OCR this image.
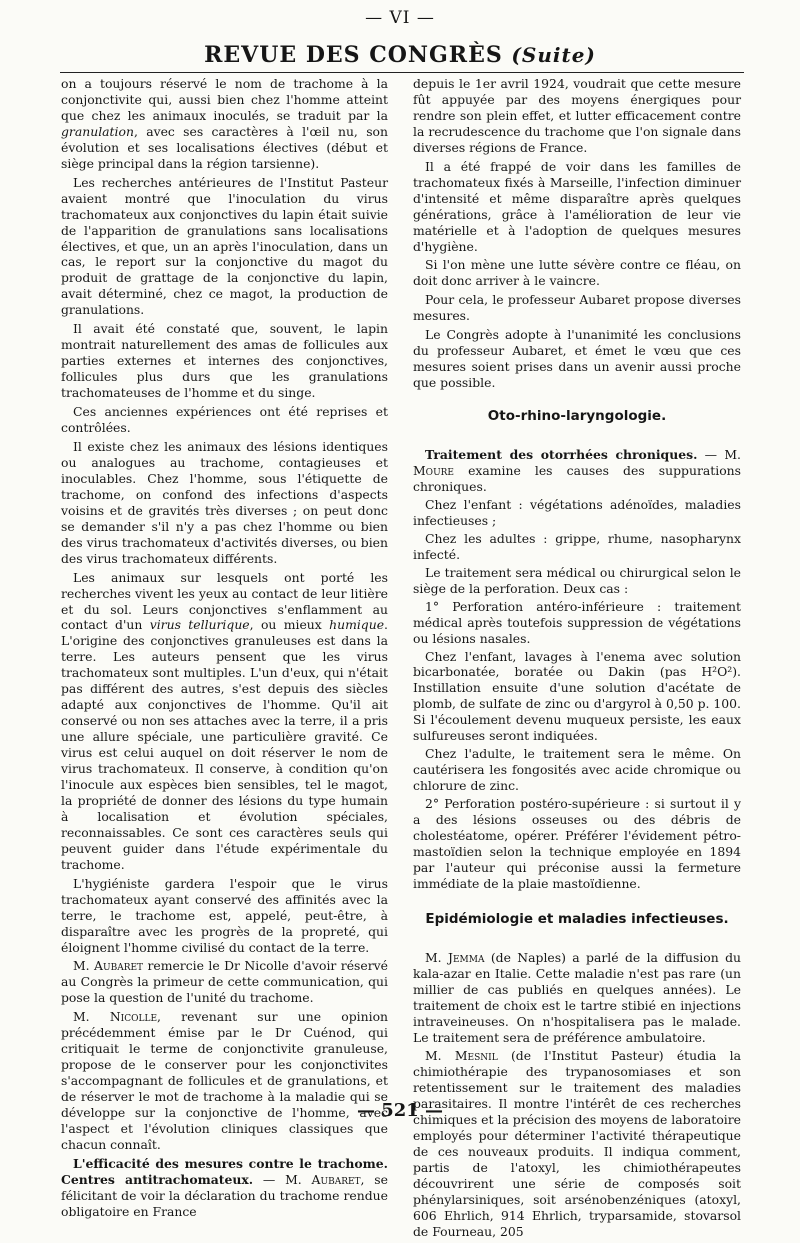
— VI —
REVUE DES CONGRÈS (Suite)

on a toujours réservé le nom de trachome à la conjonctivite qui, aussi bien chez l'homme atteint que chez les animaux inoculés, se traduit par la granulation, avec ses caractères à l'œil nu, son évolution et ses localisations électives (début et siège principal dans la région tarsienne).

Les recherches antérieures de l'Institut Pasteur avaient montré que l'inoculation du virus trachomateux aux conjonctives du lapin était suivie de l'apparition de granulations sans localisations électives, et que, un an après l'inoculation, dans un cas, le report sur la conjonctive du magot du produit de grattage de la conjonctive du lapin, avait déterminé, chez ce magot, la production de granulations.

Il avait été constaté que, souvent, le lapin montrait naturellement des amas de follicules aux parties externes et internes des conjonctives, follicules plus durs que les granulations trachomateuses de l'homme et du singe.

Ces anciennes expériences ont été reprises et contrôlées.

Il existe chez les animaux des lésions identiques ou analogues au trachome, contagieuses et inoculables. Chez l'homme, sous l'étiquette de trachome, on confond des infections d'aspects voisins et de gravités très diverses ; on peut donc se demander s'il n'y a pas chez l'homme ou bien des virus trachomateux d'activités diverses, ou bien des virus trachomateux différents.

Les animaux sur lesquels ont porté les recherches vivent les yeux au contact de leur litière et du sol. Leurs conjonctives s'enflamment au contact d'un virus tellurique, ou mieux humique. L'origine des conjonctives granuleuses est dans la terre. Les auteurs pensent que les virus trachomateux sont multiples. L'un d'eux, qui n'était pas différent des autres, s'est depuis des siècles adapté aux conjonctives de l'homme. Qu'il ait conservé ou non ses attaches avec la terre, il a pris une allure spéciale, une particulière gravité. Ce virus est celui auquel on doit réserver le nom de virus trachomateux. Il conserve, à condition qu'on l'inocule aux espèces bien sensibles, tel le magot, la propriété de donner des lésions du type humain à localisation et évolution spéciales, reconnaissables. Ce sont ces caractères seuls qui peuvent guider dans l'étude expérimentale du trachome.

L'hygiéniste gardera l'espoir que le virus trachomateux ayant conservé des affinités avec la terre, le trachome est, appelé, peut-être, à disparaître avec les progrès de la propreté, qui éloignent l'homme civilisé du contact de la terre.

M. Aubaret remercie le Dr Nicolle d'avoir réservé au Congrès la primeur de cette communication, qui pose la question de l'unité du trachome.

M. Nicolle, revenant sur une opinion précédemment émise par le Dr Cuénod, qui critiquait le terme de conjonctivite granuleuse, propose de le conserver pour les conjonctivites s'accompagnant de follicules et de granulations, et de réserver le mot de trachome à la maladie qui se développe sur la conjonctive de l'homme, avec l'aspect et l'évolution cliniques classiques que chacun connaît.

L'efficacité des mesures contre le trachome. Centres antitrachomateux. — M. Aubaret, se félicitant de voir la déclaration du trachome rendue obligatoire en France

depuis le 1er avril 1924, voudrait que cette mesure fût appuyée par des moyens énergiques pour rendre son plein effet, et lutter efficacement contre la recrudescence du trachome que l'on signale dans diverses régions de France.

Il a été frappé de voir dans les familles de trachomateux fixés à Marseille, l'infection diminuer d'intensité et même disparaître après quelques générations, grâce à l'amélioration de leur vie matérielle et à l'adoption de quelques mesures d'hygiène.

Si l'on mène une lutte sévère contre ce fléau, on doit donc arriver à le vaincre.

Pour cela, le professeur Aubaret propose diverses mesures.

Le Congrès adopte à l'unanimité les conclusions du professeur Aubaret, et émet le vœu que ces mesures soient prises dans un avenir aussi proche que possible.

Oto-rhino-laryngologie.

Traitement des otorrhées chroniques. — M. Moure examine les causes des suppurations chroniques.

Chez l'enfant : végétations adénoïdes, maladies infectieuses ;

Chez les adultes : grippe, rhume, nasopharynx infecté.

Le traitement sera médical ou chirurgical selon le siège de la perforation. Deux cas :

1° Perforation antéro-inférieure : traitement médical après toutefois suppression de végétations ou lésions nasales.

Chez l'enfant, lavages à l'enema avec solution bicarbonatée, boratée ou Dakin (pas H²O²). Instillation ensuite d'une solution d'acétate de plomb, de sulfate de zinc ou d'argyrol à 0,50 p. 100. Si l'écoulement devenu muqueux persiste, les eaux sulfureuses seront indiquées.

Chez l'adulte, le traitement sera le même. On cautérisera les fongosités avec acide chromique ou chlorure de zinc.

2° Perforation postéro-supérieure : si surtout il y a des lésions osseuses ou des débris de cholestéatome, opérer. Préférer l'évidement pétro-mastoïdien selon la technique employée en 1894 par l'auteur qui préconise aussi la fermeture immédiate de la plaie mastoïdienne.

Epidémiologie et maladies infectieuses.

M. Jemma (de Naples) a parlé de la diffusion du kala-azar en Italie. Cette maladie n'est pas rare (un millier de cas publiés en quelques années). Le traitement de choix est le tartre stibié en injections intraveineuses. On n'hospitalisera pas le malade. Le traitement sera de préférence ambulatoire.

M. Mesnil (de l'Institut Pasteur) étudia la chimiothérapie des trypanosomiases et son retentissement sur le traitement des maladies parasitaires. Il montre l'intérêt de ces recherches chimiques et la précision des moyens de laboratoire employés pour déterminer l'activité thérapeutique de ces nouveaux produits. Il indiqua comment, partis de l'atoxyl, les chimiothérapeutes découvrirent une série de composés soit phénylarsiniques, soit arsénobenzéniques (atoxyl, 606 Ehrlich, 914 Ehrlich, tryparsamide, stovarsol de Fourneau, 205

— 521 —
